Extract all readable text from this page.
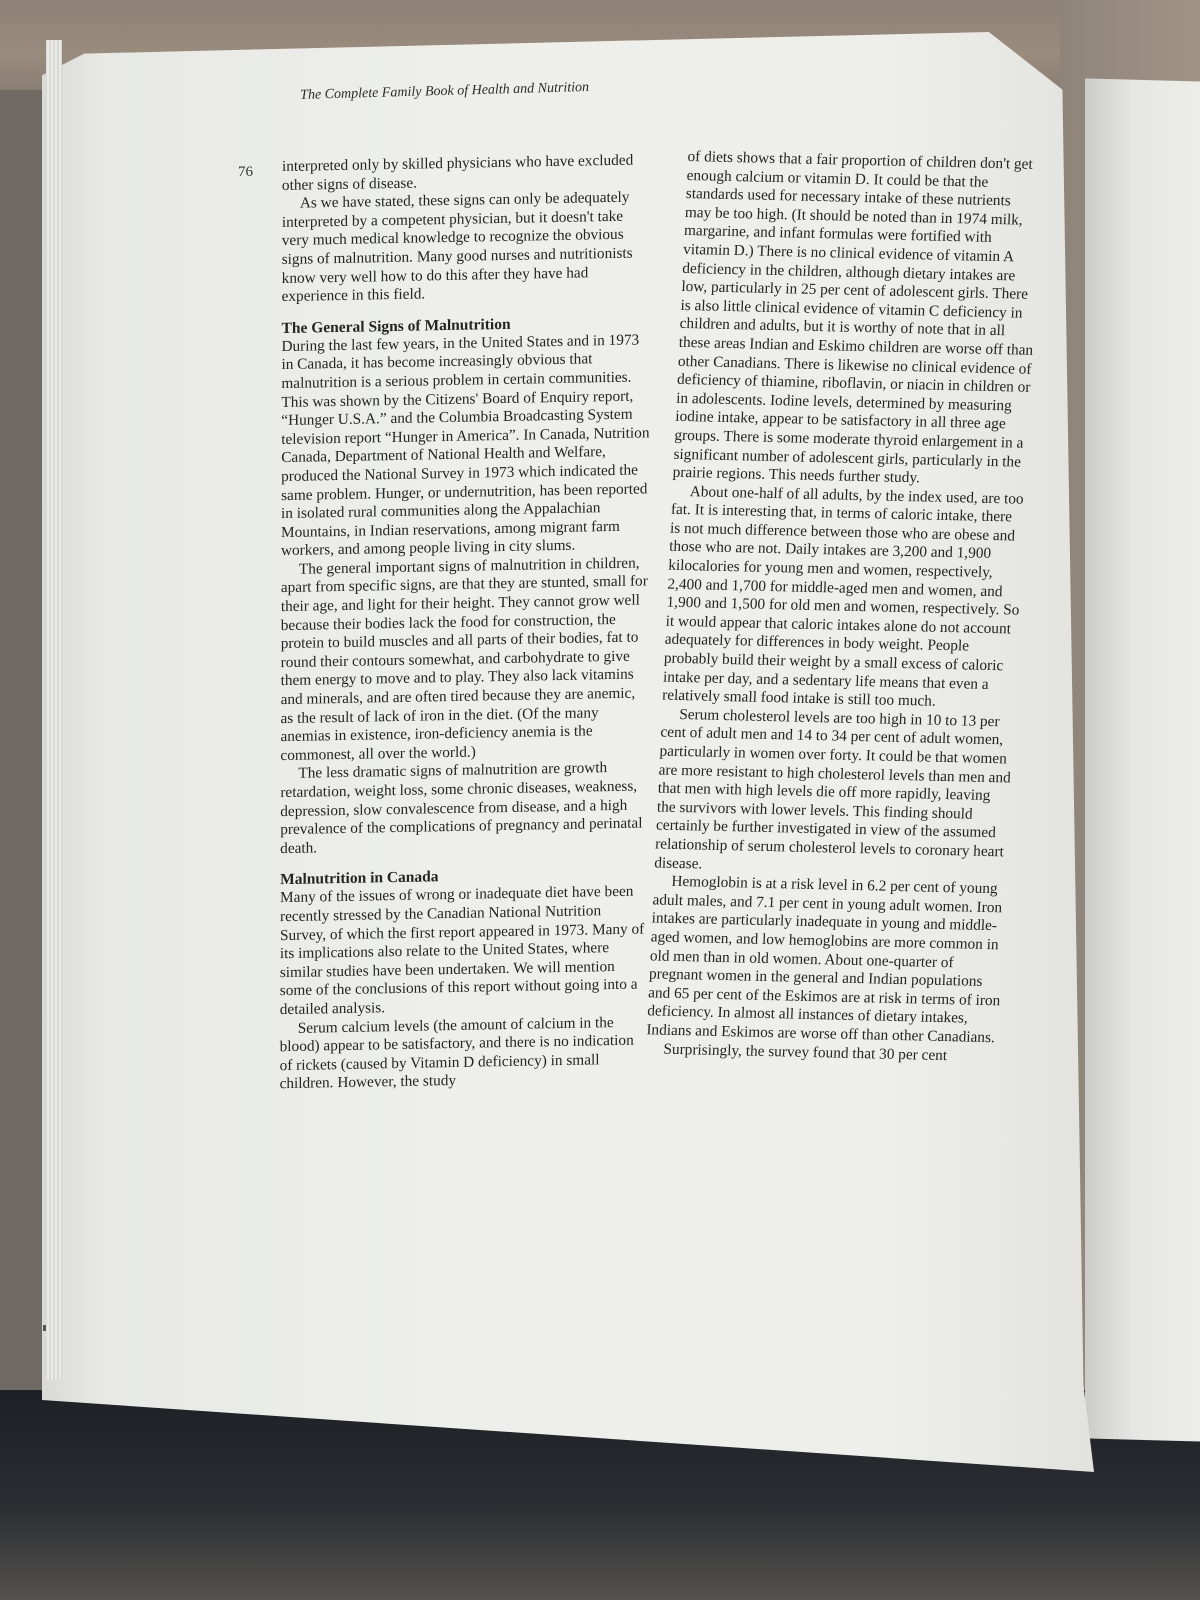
The Complete Family Book of Health and Nutrition
76 interpreted only by skilled physicians who have excluded other signs of disease.

As we have stated, these signs can only be adequately interpreted by a competent physician, but it doesn't take very much medical knowledge to recognize the obvious signs of malnutrition. Many good nurses and nutritionists know very well how to do this after they have had experience in this field.

The General Signs of Malnutrition

During the last few years, in the United States and in 1973 in Canada, it has become increasingly obvious that malnutrition is a serious problem in certain communities. This was shown by the Citizens' Board of Enquiry report, “Hunger U.S.A.” and the Columbia Broadcasting System television report “Hunger in America”. In Canada, Nutrition Canada, Department of National Health and Welfare, produced the National Survey in 1973 which indicated the same problem. Hunger, or undernutrition, has been reported in isolated rural communities along the Appalachian Mountains, in Indian reservations, among migrant farm workers, and among people living in city slums.

The general important signs of malnutrition in children, apart from specific signs, are that they are stunted, small for their age, and light for their height. They cannot grow well because their bodies lack the food for construction, the protein to build muscles and all parts of their bodies, fat to round their contours somewhat, and carbohydrate to give them energy to move and to play. They also lack vitamins and minerals, and are often tired because they are anemic, as the result of lack of iron in the diet. (Of the many anemias in existence, iron-deficiency anemia is the commonest, all over the world.)

The less dramatic signs of malnutrition are growth retardation, weight loss, some chronic diseases, weakness, depression, slow convalescence from disease, and a high prevalence of the complications of pregnancy and perinatal death.

Malnutrition in Canada

Many of the issues of wrong or inadequate diet have been recently stressed by the Canadian National Nutrition Survey, of which the first report appeared in 1973. Many of its implications also relate to the United States, where similar studies have been undertaken. We will mention some of the conclusions of this report without going into a detailed analysis.

Serum calcium levels (the amount of calcium in the blood) appear to be satisfactory, and there is no indication of rickets (caused by Vitamin D deficiency) in small children. However, the study

of diets shows that a fair proportion of children don't get enough calcium or vitamin D. It could be that the standards used for necessary intake of these nutrients may be too high. (It should be noted than in 1974 milk, margarine, and infant formulas were fortified with vitamin D.) There is no clinical evidence of vitamin A deficiency in the children, although dietary intakes are low, particularly in 25 per cent of adolescent girls. There is also little clinical evidence of vitamin C deficiency in children and adults, but it is worthy of note that in all these areas Indian and Eskimo children are worse off than other Canadians. There is likewise no clinical evidence of deficiency of thiamine, riboflavin, or niacin in children or in adolescents. Iodine levels, determined by measuring iodine intake, appear to be satisfactory in all three age groups. There is some moderate thyroid enlargement in a significant number of adolescent girls, particularly in the prairie regions. This needs further study.

About one-half of all adults, by the index used, are too fat. It is interesting that, in terms of caloric intake, there is not much difference between those who are obese and those who are not. Daily intakes are 3,200 and 1,900 kilocalories for young men and women, respectively, 2,400 and 1,700 for middle-aged men and women, and 1,900 and 1,500 for old men and women, respectively. So it would appear that caloric intakes alone do not account adequately for differences in body weight. People probably build their weight by a small excess of caloric intake per day, and a sedentary life means that even a relatively small food intake is still too much.

Serum cholesterol levels are too high in 10 to 13 per cent of adult men and 14 to 34 per cent of adult women, particularly in women over forty. It could be that women are more resistant to high cholesterol levels than men and that men with high levels die off more rapidly, leaving the survivors with lower levels. This finding should certainly be further investigated in view of the assumed relationship of serum cholesterol levels to coronary heart disease.

Hemoglobin is at a risk level in 6.2 per cent of young adult males, and 7.1 per cent in young adult women. Iron intakes are particularly inadequate in young and middle-aged women, and low hemoglobins are more common in old men than in old women. About one-quarter of pregnant women in the general and Indian populations and 65 per cent of the Eskimos are at risk in terms of iron deficiency. In almost all instances of dietary intakes, Indians and Eskimos are worse off than other Canadians.

Surprisingly, the survey found that 30 per cent
